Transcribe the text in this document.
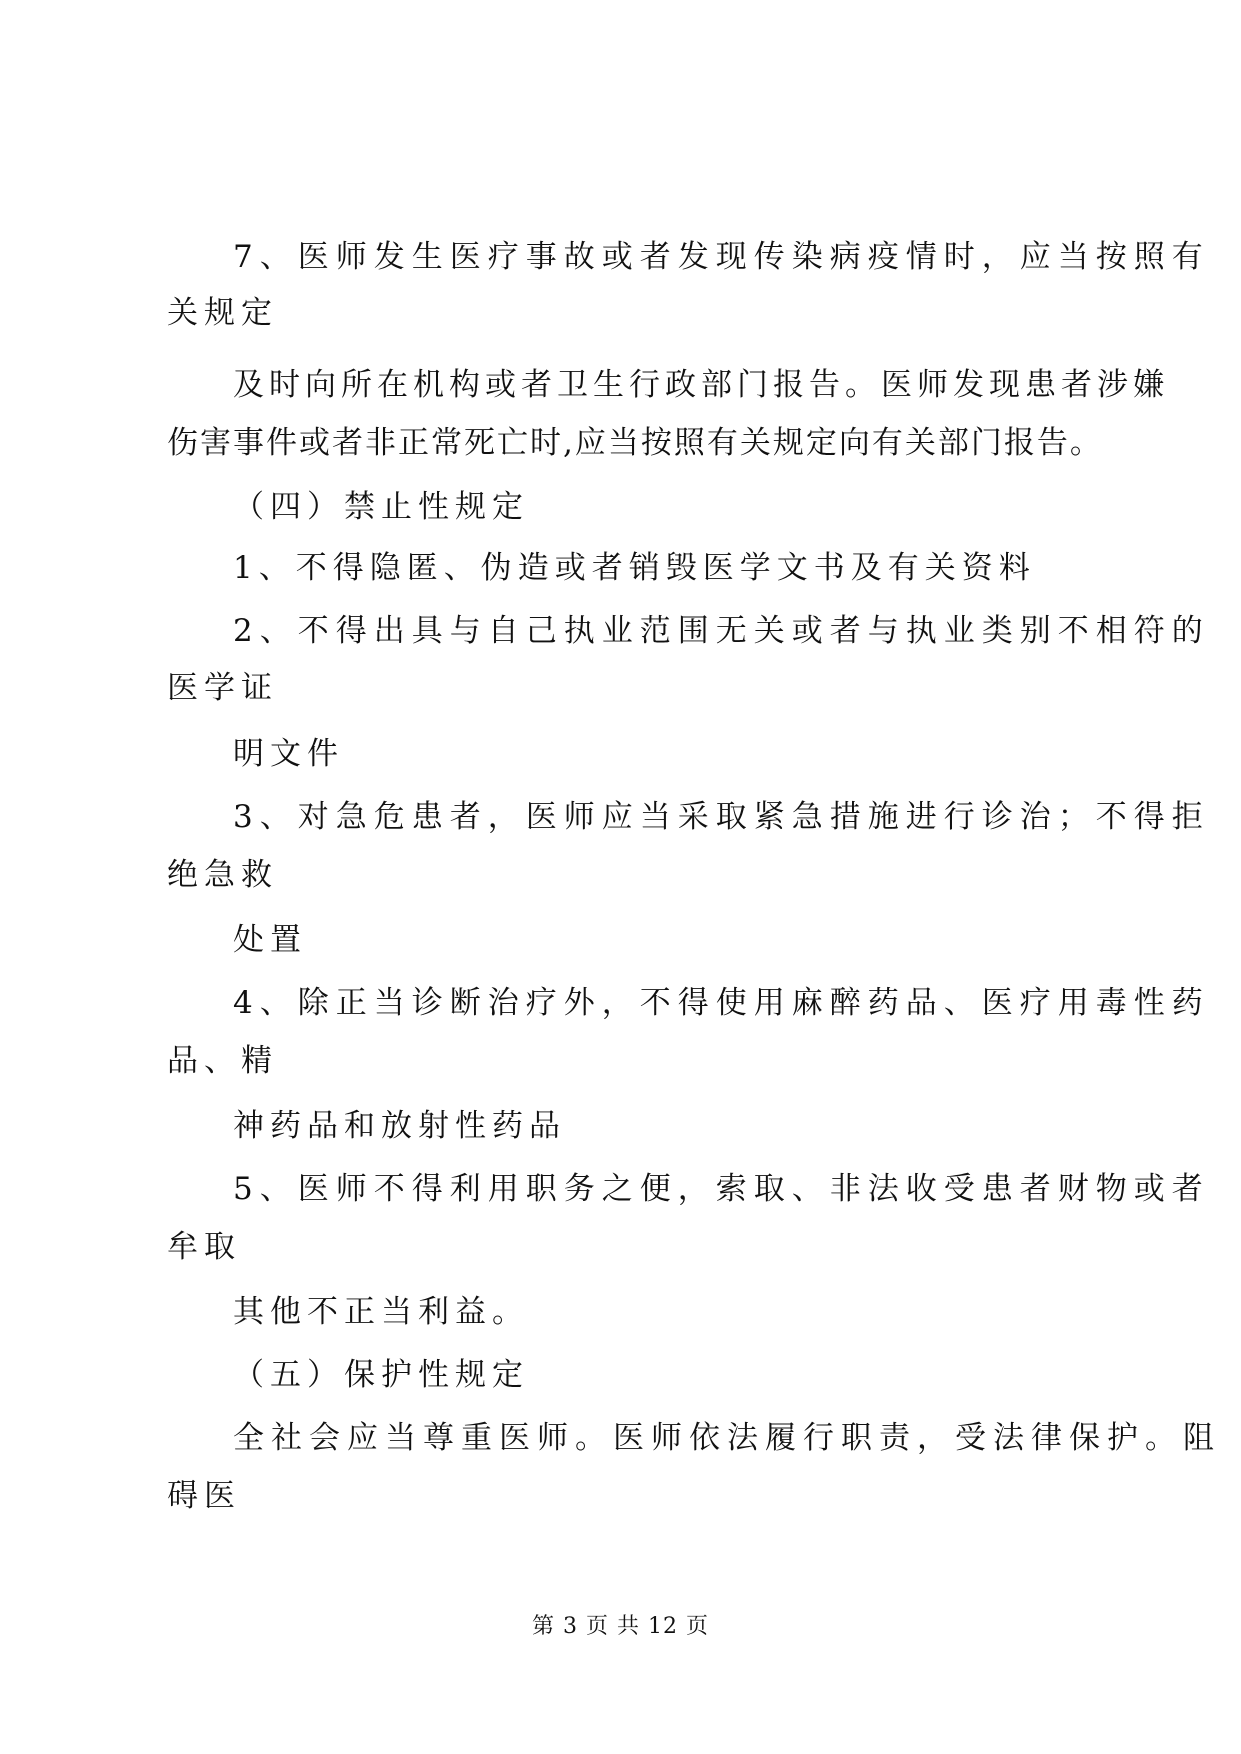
7、医师发生医疗事故或者发现传染病疫情时，应当按照有
关规定
及时向所在机构或者卫生行政部门报告。医师发现患者涉嫌
伤害事件或者非正常死亡时,应当按照有关规定向有关部门报告。
（四）禁止性规定
1、不得隐匿、伪造或者销毁医学文书及有关资料
2、不得出具与自己执业范围无关或者与执业类别不相符的
医学证
明文件
3、对急危患者，医师应当采取紧急措施进行诊治；不得拒
绝急救
处置
4、除正当诊断治疗外，不得使用麻醉药品、医疗用毒性药
品、精
神药品和放射性药品
5、医师不得利用职务之便，索取、非法收受患者财物或者
牟取
其他不正当利益。
（五）保护性规定
全社会应当尊重医师。医师依法履行职责，受法律保护。阻
碍医
第 3 页 共 12 页
